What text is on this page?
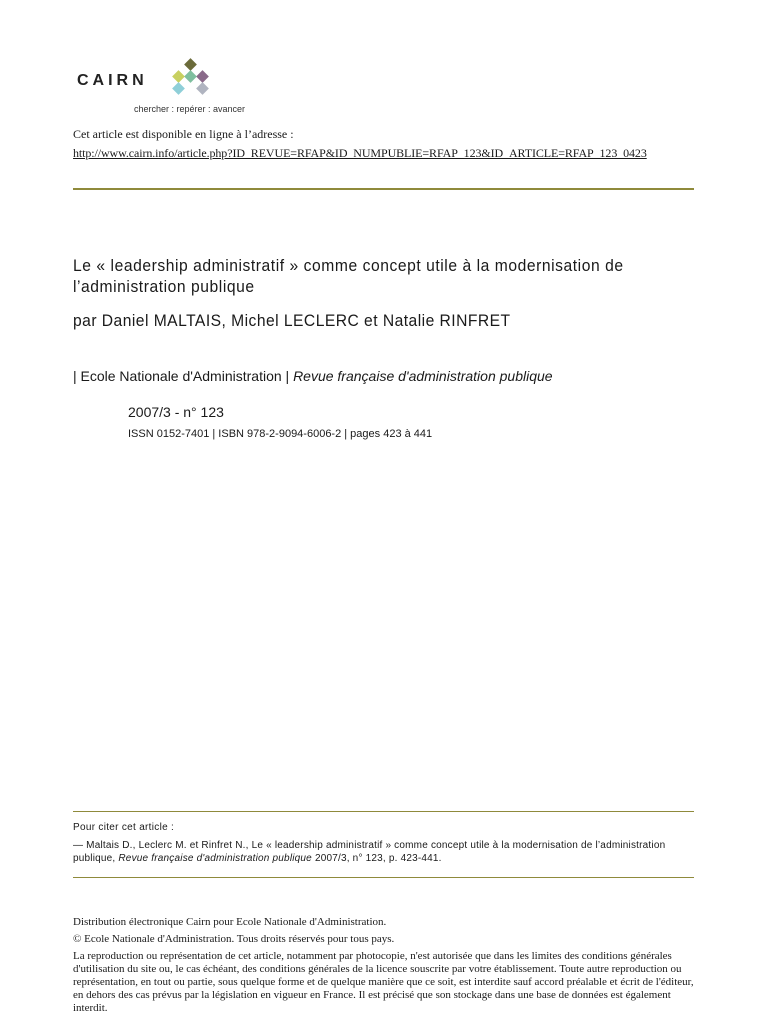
CAIRN
chercher : repérer : avancer
Cet article est disponible en ligne à l’adresse :
http://www.cairn.info/article.php?ID_REVUE=RFAP&ID_NUMPUBLIE=RFAP_123&ID_ARTICLE=RFAP_123_0423
Le « leadership administratif » comme concept utile à la modernisation de l’administration publique
par Daniel MALTAIS, Michel LECLERC et Natalie RINFRET
| Ecole Nationale d'Administration | Revue française d'administration publique
2007/3 - n° 123
ISSN 0152-7401 | ISBN 978-2-9094-6006-2 | pages 423 à 441
Pour citer cet article :

— Maltais D., Leclerc M. et Rinfret N., Le « leadership administratif » comme concept utile à la modernisation de l’administration publique, Revue française d'administration publique 2007/3, n° 123, p. 423-441.

Distribution électronique Cairn pour Ecole Nationale d'Administration.

© Ecole Nationale d'Administration. Tous droits réservés pour tous pays.

La reproduction ou représentation de cet article, notamment par photocopie, n'est autorisée que dans les limites des conditions générales d'utilisation du site ou, le cas échéant, des conditions générales de la licence souscrite par votre établissement. Toute autre reproduction ou représentation, en tout ou partie, sous quelque forme et de quelque manière que ce soit, est interdite sauf accord préalable et écrit de l'éditeur, en dehors des cas prévus par la législation en vigueur en France. Il est précisé que son stockage dans une base de données est également interdit.
